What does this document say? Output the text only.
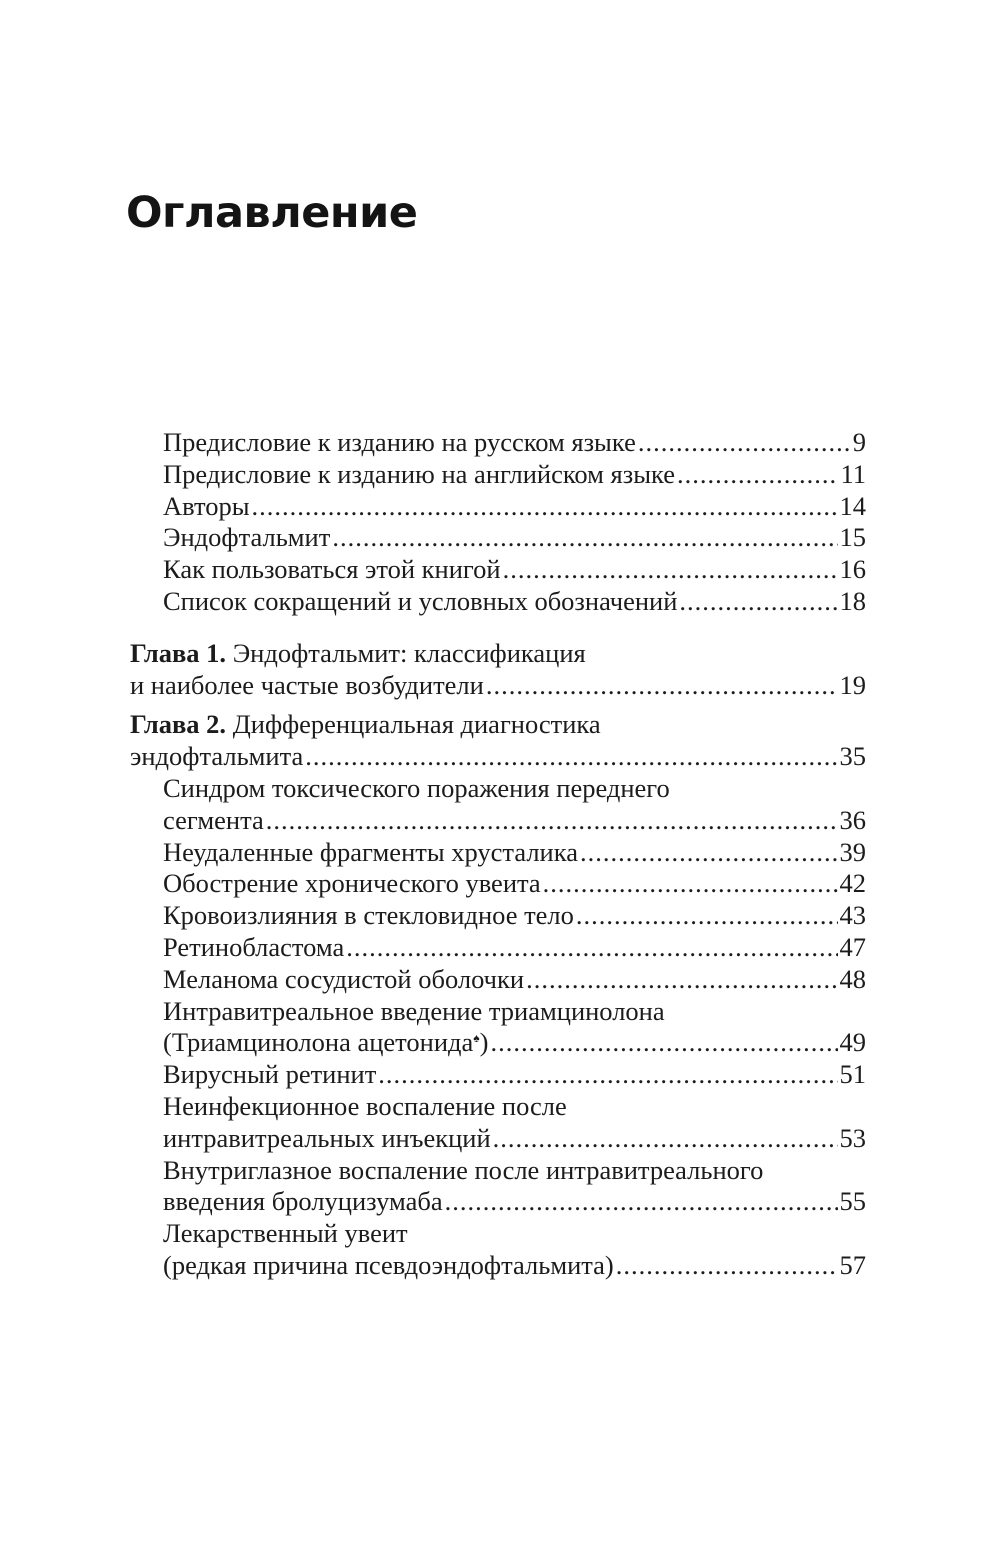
Оглавление
Предисловие к изданию на русском языке .....	9
Предисловие к изданию на английском языке .....	11
Авторы .....	14
Эндофтальмит .....	15
Как пользоваться этой книгой .....	16
Список сокращений и условных обозначений .....	18
Глава 1. Эндофтальмит: классификация
и наиболее частые возбудители .....	19
Глава 2. Дифференциальная диагностика
эндофтальмита .....	35
Синдром токсического поражения переднего
сегмента .....	36
Неудаленные фрагменты хрусталика .....	39
Обострение хронического увеита .....	42
Кровоизлияния в стекловидное тело .....	43
Ретинобластома .....	47
Меланома сосудистой оболочки .....	48
Интравитреальное введение триамцинолона
(Триамцинолона ацетонида♠) .....	49
Вирусный ретинит .....	51
Неинфекционное воспаление после
интравитреальных инъекций .....	53
Внутриглазное воспаление после интравитреального
введения бролуцизумаба .....	55
Лекарственный увеит
(редкая причина псевдоэндофтальмита) .....	57
